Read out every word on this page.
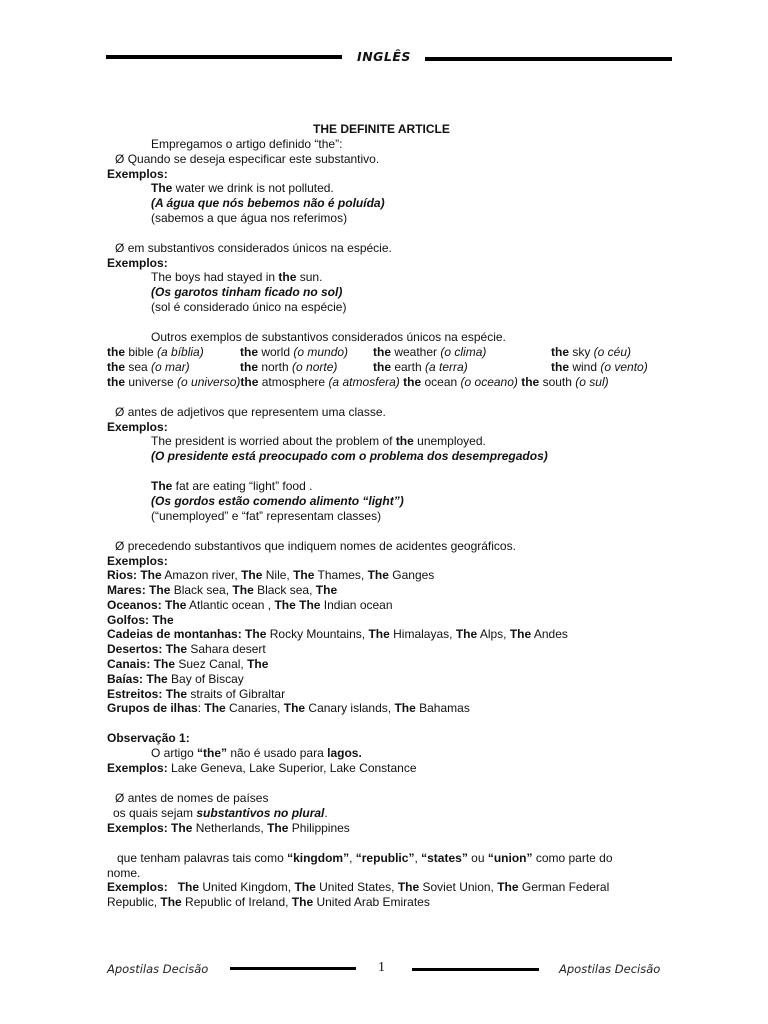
INGLÊS
THE DEFINITE ARTICLE
Empregamos o artigo definido “the”:
Ø Quando se deseja especificar este substantivo.
Exemplos:
The water we drink is not polluted.
(A água que nós bebemos não é poluída)
(sabemos a que água nos referimos)
Ø em substantivos considerados únicos na espécie.
Exemplos:
The boys had stayed in the sun.
(Os garotos tinham ficado no sol)
(sol é considerado único na espécie)
Outros exemplos de substantivos considerados únicos na espécie.
the bible (a bíblia)	the world (o mundo) the weather (o clima)	the sky (o céu)
the sea (o mar)	the north (o norte)	the earth (a terra)	the wind (o vento)
the universe (o universo)the atmosphere (a atmosfera) the ocean (o oceano) the south (o sul)
Ø antes de adjetivos que representem uma classe.
Exemplos:
The president is worried about the problem of the unemployed.
(O presidente está preocupado com o problema dos desempregados)
The fat are eating “light” food .
(Os gordos estão comendo alimento “light”)
(“unemployed” e “fat” representam classes)
Ø precedendo substantivos que indiquem nomes de acidentes geográficos.
Exemplos:
Rios: The Amazon river, The Nile, The Thames, The Ganges
Mares: The Black sea, The Black sea, The
Oceanos: The Atlantic ocean , The The Indian ocean
Golfos: The
Cadeias de montanhas: The Rocky Mountains, The Himalayas, The Alps, The Andes
Desertos: The Sahara desert
Canais: The Suez Canal, The
Baías: The Bay of Biscay
Estreitos: The straits of Gibraltar
Grupos de ilhas: The Canaries, The Canary islands, The Bahamas
Observação 1:
O artigo “the” não é usado para lagos.
Exemplos: Lake Geneva, Lake Superior, Lake Constance
Ø antes de nomes de países
os quais sejam substantivos no plural.
Exemplos: The Netherlands, The Philippines
que tenham palavras tais como “kingdom”, “republic”, “states” ou “union” como parte do
nome.
Exemplos: The United Kingdom, The United States, The Soviet Union, The German Federal
Republic, The Republic of Ireland, The United Arab Emirates
Apostilas Decisão	1	Apostilas Decisão
